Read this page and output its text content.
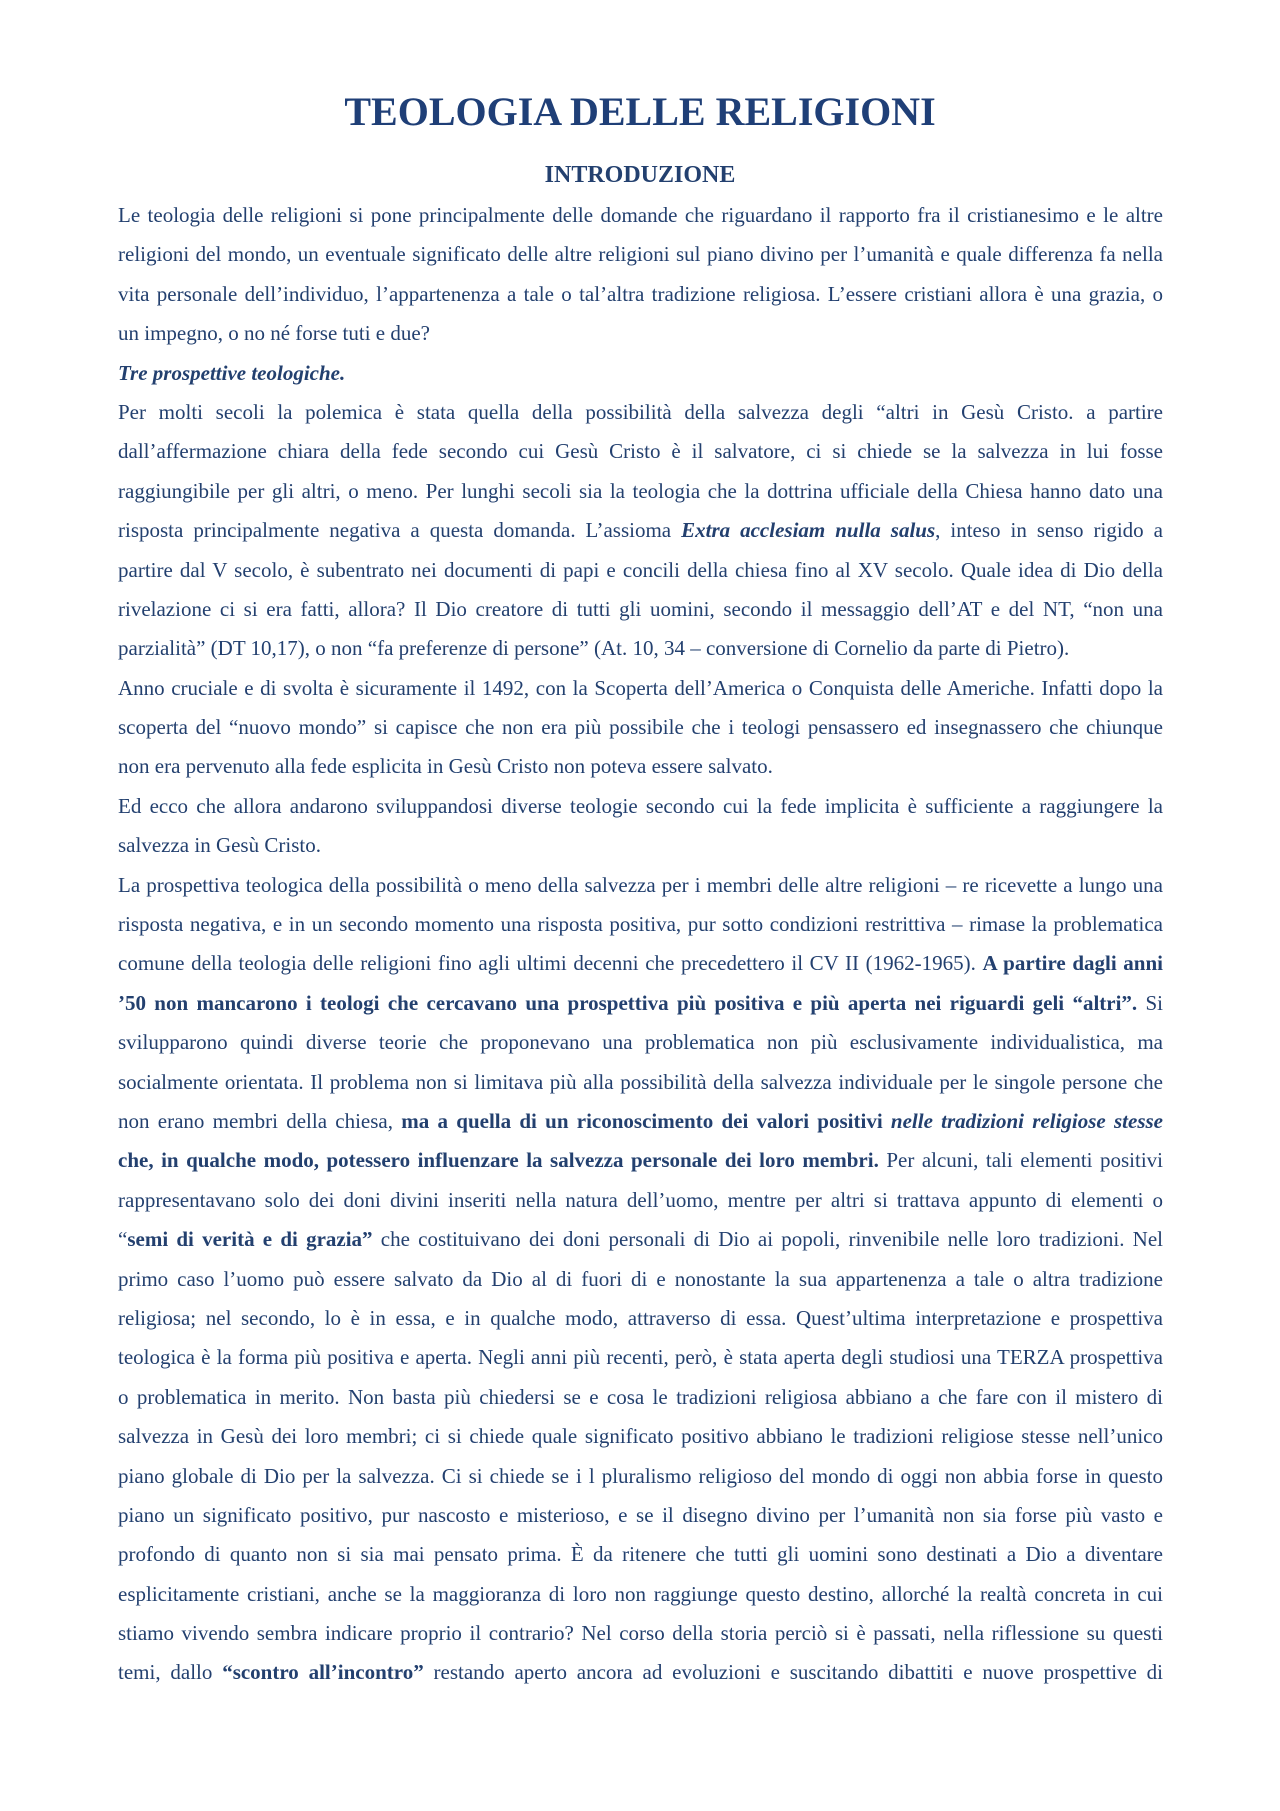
TEOLOGIA DELLE RELIGIONI
INTRODUZIONE
Le teologia delle religioni si pone principalmente delle domande che riguardano il rapporto fra il cristianesimo e le altre
religioni del mondo, un eventuale significato delle altre religioni sul piano divino per l’umanità e quale differenza fa nella
vita personale dell’individuo, l’appartenenza a tale o tal’altra tradizione religiosa. L’essere cristiani allora è una grazia, o
un impegno, o no né forse tuti e due?
Tre prospettive teologiche.
Per molti secoli la polemica è stata quella della possibilità della salvezza degli “altri in Gesù Cristo. a partire
dall’affermazione chiara della fede secondo cui Gesù Cristo è il salvatore, ci si chiede se la salvezza in lui fosse
raggiungibile per gli altri, o meno. Per lunghi secoli sia la teologia che la dottrina ufficiale della Chiesa hanno dato una
risposta principalmente negativa a questa domanda. L’assioma Extra acclesiam nulla salus, inteso in senso rigido a
partire dal V secolo, è subentrato nei documenti di papi e concili della chiesa fino al XV secolo. Quale idea di Dio della
rivelazione ci si era fatti, allora? Il Dio creatore di tutti gli uomini, secondo il messaggio dell’AT e del NT, “non una
parzialità” (DT 10,17), o non “fa preferenze di persone” (At. 10, 34 – conversione di Cornelio da parte di Pietro).
Anno cruciale e di svolta è sicuramente il 1492, con la Scoperta dell’America o Conquista delle Americhe. Infatti dopo la
scoperta del “nuovo mondo” si capisce che non era più possibile che i teologi pensassero ed insegnassero che chiunque
non era pervenuto alla fede esplicita in Gesù Cristo non poteva essere salvato.
Ed ecco che allora andarono sviluppandosi diverse teologie secondo cui la fede implicita è sufficiente a raggiungere la
salvezza in Gesù Cristo.
La prospettiva teologica della possibilità o meno della salvezza per i membri delle altre religioni – re ricevette a lungo una
risposta negativa, e in un secondo momento una risposta positiva, pur sotto condizioni restrittiva – rimase la problematica
comune della teologia delle religioni fino agli ultimi decenni che precedettero il CV II (1962-1965). A partire dagli anni
’50 non mancarono i teologi che cercavano una prospettiva più positiva e più aperta nei riguardi geli “altri”. Si
svilupparono quindi diverse teorie che proponevano una problematica non più esclusivamente individualistica, ma
socialmente orientata. Il problema non si limitava più alla possibilità della salvezza individuale per le singole persone che
non erano membri della chiesa, ma a quella di un riconoscimento dei valori positivi nelle tradizioni religiose stesse
che, in qualche modo, potessero influenzare la salvezza personale dei loro membri. Per alcuni, tali elementi positivi
rappresentavano solo dei doni divini inseriti nella natura dell’uomo, mentre per altri si trattava appunto di elementi o
“semi di verità e di grazia” che costituivano dei doni personali di Dio ai popoli, rinvenibile nelle loro tradizioni. Nel
primo caso l’uomo può essere salvato da Dio al di fuori di e nonostante la sua appartenenza a tale o altra tradizione
religiosa; nel secondo, lo è in essa, e in qualche modo, attraverso di essa. Quest’ultima interpretazione e prospettiva
teologica è la forma più positiva e aperta. Negli anni più recenti, però, è stata aperta degli studiosi una TERZA prospettiva
o problematica in merito. Non basta più chiedersi se e cosa le tradizioni religiosa abbiano a che fare con il mistero di
salvezza in Gesù dei loro membri; ci si chiede quale significato positivo abbiano le tradizioni religiose stesse nell’unico
piano globale di Dio per la salvezza. Ci si chiede se i l pluralismo religioso del mondo di oggi non abbia forse in questo
piano un significato positivo, pur nascosto e misterioso, e se il disegno divino per l’umanità non sia forse più vasto e
profondo di quanto non si sia mai pensato prima. È da ritenere che tutti gli uomini sono destinati a Dio a diventare
esplicitamente cristiani, anche se la maggioranza di loro non raggiunge questo destino, allorché la realtà concreta in cui
stiamo vivendo sembra indicare proprio il contrario? Nel corso della storia perciò si è passati, nella riflessione su questi
temi, dallo “scontro all’incontro” restando aperto ancora ad evoluzioni e suscitando dibattiti e nuove prospettive di
